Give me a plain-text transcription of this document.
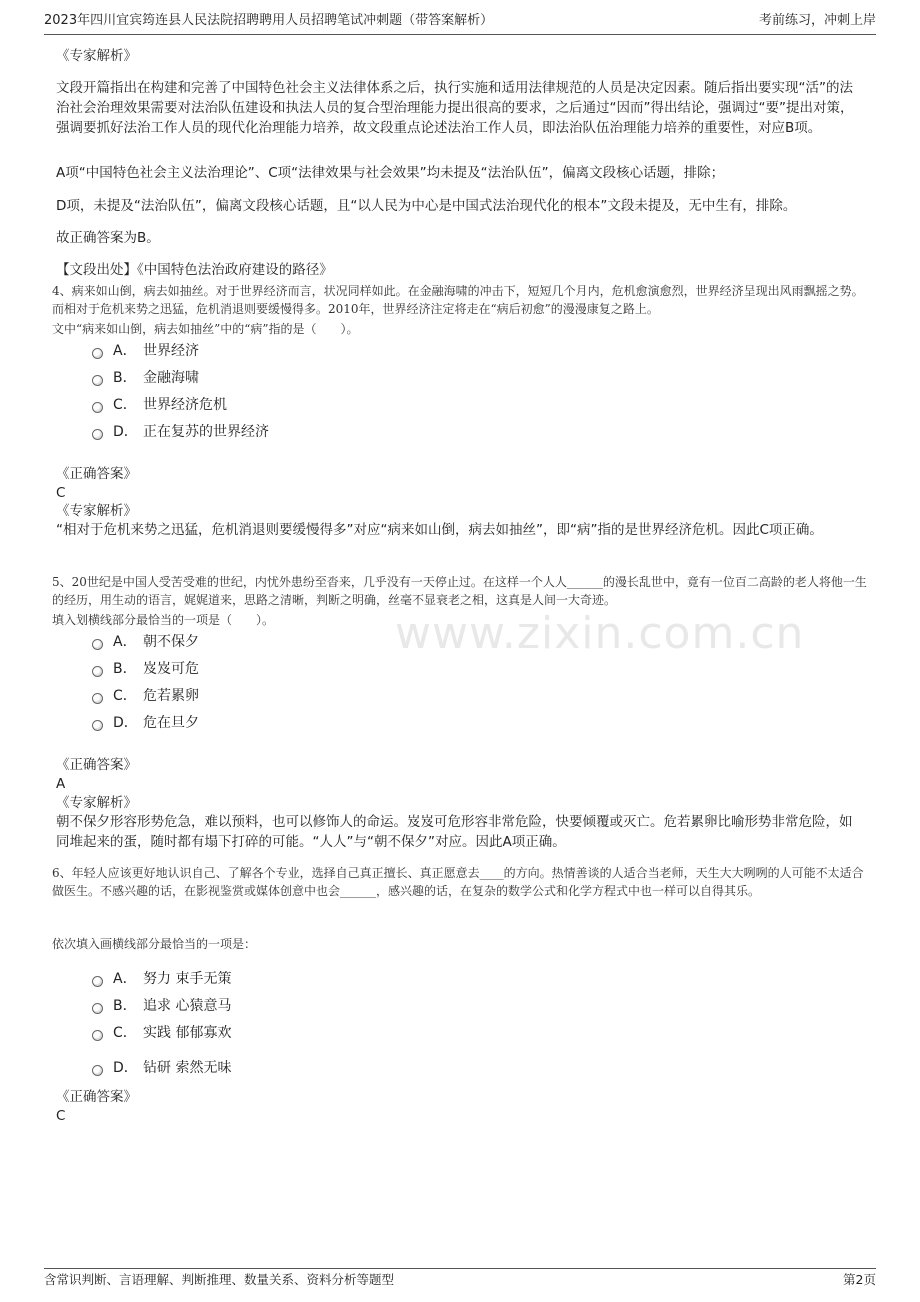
2023年四川宜宾筠连县人民法院招聘聘用人员招聘笔试冲刺题（带答案解析）	考前练习，冲刺上岸
www.zixin.com.cn
《专家解析》
文段开篇指出在构建和完善了中国特色社会主义法律体系之后，执行实施和适用法律规范的人员是决定因素。随后指出要实现“活”的法治社会治理效果需要对法治队伍建设和执法人员的复合型治理能力提出很高的要求，之后通过“因而”得出结论，强调过“要”提出对策，强调要抓好法治工作人员的现代化治理能力培养，故文段重点论述法治工作人员，即法治队伍治理能力培养的重要性，对应B项。
A项“中国特色社会主义法治理论”、C项“法律效果与社会效果”均未提及“法治队伍”，偏离文段核心话题，排除；
D项，未提及“法治队伍”，偏离文段核心话题，且“以人民为中心是中国式法治现代化的根本”文段未提及，无中生有，排除。
故正确答案为B。
【文段出处】《中国特色法治政府建设的路径》
4、病来如山倒，病去如抽丝。对于世界经济而言，状况同样如此。在金融海啸的冲击下，短短几个月内，危机愈演愈烈，世界经济呈现出风雨飘摇之势。而相对于危机来势之迅猛，危机消退则要缓慢得多。2010年，世界经济注定将走在“病后初愈”的漫漫康复之路上。
文中“病来如山倒，病去如抽丝”中的“病”指的是（　　）。
A． 世界经济
B． 金融海啸
C． 世界经济危机
D． 正在复苏的世界经济
《正确答案》
C
《专家解析》
“相对于危机来势之迅猛，危机消退则要缓慢得多”对应“病来如山倒，病去如抽丝”，即“病”指的是世界经济危机。因此C项正确。
5、20世纪是中国人受苦受难的世纪，内忧外患纷至沓来，几乎没有一天停止过。在这样一个人人______的漫长乱世中，竟有一位百二高龄的老人将他一生的经历，用生动的语言，娓娓道来，思路之清晰，判断之明确，丝毫不显衰老之相，这真是人间一大奇迹。
填入划横线部分最恰当的一项是（　　）。
A． 朝不保夕
B． 岌岌可危
C． 危若累卵
D． 危在旦夕
《正确答案》
A
《专家解析》
朝不保夕形容形势危急，难以预料，也可以修饰人的命运。岌岌可危形容非常危险，快要倾覆或灭亡。危若累卵比喻形势非常危险，如同堆起来的蛋，随时都有塌下打碎的可能。“人人”与“朝不保夕”对应。因此A项正确。
6、年轻人应该更好地认识自己、了解各个专业，选择自己真正擅长、真正愿意去____的方向。热情善谈的人适合当老师，天生大大咧咧的人可能不太适合做医生。不感兴趣的话，在影视鉴赏或媒体创意中也会______，感兴趣的话，在复杂的数学公式和化学方程式中也一样可以自得其乐。
依次填入画横线部分最恰当的一项是：
A． 努力 束手无策
B． 追求 心猿意马
C． 实践 郁郁寡欢
D． 钻研 索然无味
《正确答案》
C
含常识判断、言语理解、判断推理、数量关系、资料分析等题型	第2页
